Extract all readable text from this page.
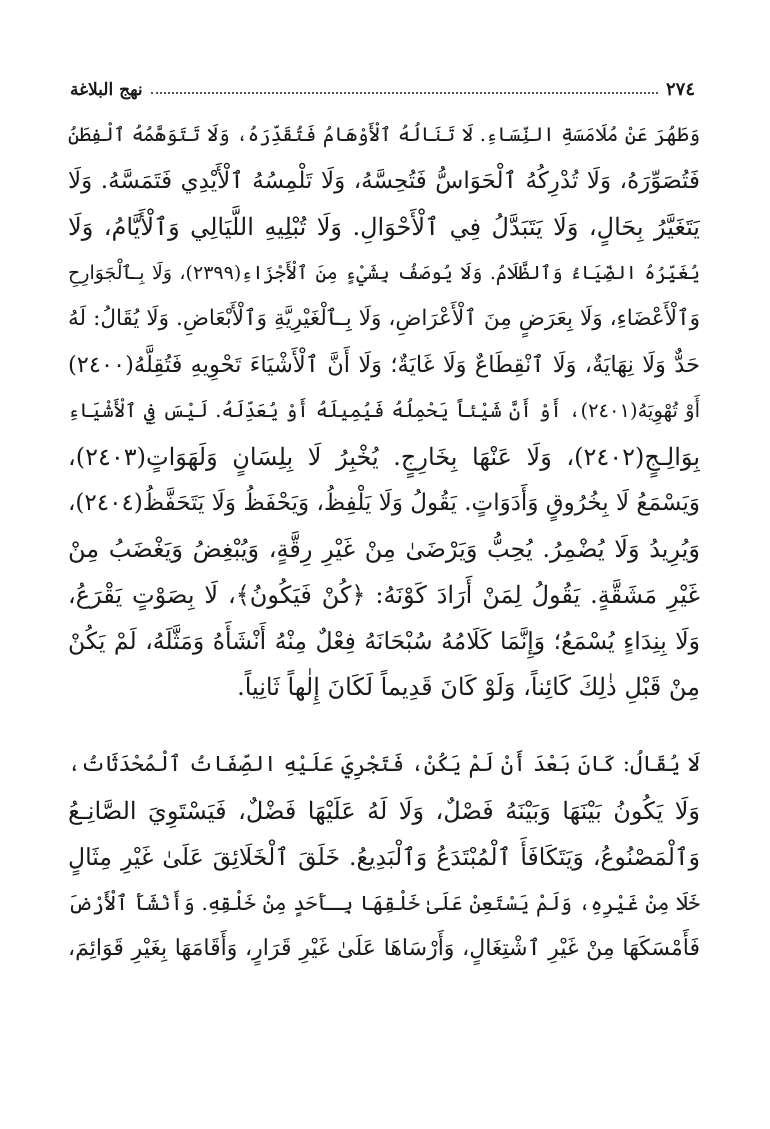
نهج البلاغة	٢٧٤
وَطَهُرَ عَنْ مُلَامَسَةِ النِّسَاءِ. لَا تَنَالُهُ ٱلْأَوْهَامُ فَتُقَدِّرَهُ، وَلَا تَتَوَهَّمُهُ ٱلْفِطَنُ
فَتُصَوِّرَهُ، وَلَا تُدْرِكُهُ ٱلْحَوَاسُّ فَتُحِسَّهُ، وَلَا تَلْمِسُهُ ٱلْأَيْدِي فَتَمَسَّهُ. وَلَا
يَتَغَيَّرُ بِحَالٍ، وَلَا يَتَبَدَّلُ فِي ٱلْأَحْوَالِ. وَلَا تُبْلِيهِ اللَّيَالِي وَٱلْأَيَّامُ، وَلَا
يُغَيِّرُهُ الضِّيَاءُ وَٱلظَّلَامُ. وَلَا يُوصَفُ بِشَيْءٍ مِنَ ٱلْأَجْزَاءِ(٢٣٩٩)، وَلَا بِـٱلْجَوَارِحِ
وَٱلْأَعْضَاءِ، وَلَا بِعَرَضٍ مِنَ ٱلْأَعْرَاضِ، وَلَا بِـٱلْغَيْرِيَّةِ وَٱلْأَبْعَاضِ. وَلَا يُقَالُ: لَهُ
حَدٌّ وَلَا نِهَايَةٌ، وَلَا ٱنْقِطَاعٌ وَلَا غَايَةٌ؛ وَلَا أَنَّ ٱلْأَشْيَاءَ تَحْوِيهِ فَتُقِلَّهُ(٢٤٠٠)
أَوْ تُهْوِيَهُ(٢٤٠١)، أَوْ أَنَّ شَيْئاً يَحْمِلُهُ فَيُمِيلَهُ أَوْ يُعَدِّلَهُ. لَيْسَ فِي ٱلْأَشْيَاءِ
بِوَالِـجٍ(٢٤٠٢)، وَلَا عَنْهَا بِخَارِجٍ. يُخْبِرُ لَا بِلِسَانٍ وَلَهَوَاتٍ(٢٤٠٣)،
وَيَسْمَعُ لَا بِخُرُوقٍ وَأَدَوَاتٍ. يَقُولُ وَلَا يَلْفِظُ، وَيَحْفَظُ وَلَا يَتَحَفَّظُ(٢٤٠٤)،
وَيُرِيدُ وَلَا يُضْمِرُ. يُحِبُّ وَيَرْضَىٰ مِنْ غَيْرِ رِقَّةٍ، وَيُبْغِضُ وَيَغْضَبُ مِنْ
غَيْرِ مَشَقَّةٍ. يَقُولُ لِمَنْ أَرَادَ كَوْنَهُ: ﴿كُنْ فَيَكُونُ﴾، لَا بِصَوْتٍ يَقْرَعُ،
وَلَا بِنِدَاءٍ يُسْمَعُ؛ وَإِنَّمَا كَلَامُهُ سُبْحَانَهُ فِعْلٌ مِنْهُ أَنْشَأَهُ وَمَثَّلَهُ، لَمْ يَكُنْ
مِنْ قَبْلِ ذٰلِكَ كَائِناً، وَلَوْ كَانَ قَدِيماً لَكَانَ إِلٰهاً ثَانِياً.
لَا يُقَالُ: كَانَ بَعْدَ أَنْ لَمْ يَكُنْ، فَتَجْرِيَ عَلَيْهِ الصِّفَاتُ ٱلْمُحْدَثَاتُ،
وَلَا يَكُونُ بَيْنَهَا وَبَيْنَهُ فَصْلٌ، وَلَا لَهُ عَلَيْهَا فَضْلٌ، فَيَسْتَوِيَ الصَّانِـعُ
وَٱلْمَصْنُوعُ، وَيَتَكَافَأَ ٱلْمُبْتَدَعُ وَٱلْبَدِيعُ. خَلَقَ ٱلْخَلَائِقَ عَلَىٰ غَيْرِ مِثَالٍ
خَلَا مِنْ غَيْرِهِ، وَلَمْ يَسْتَعِنْ عَلَىٰ خَلْقِهَا بِـأَحَدٍ مِنْ خَلْقِهِ. وَأَنْشَأَ ٱلْأَرْضَ
فَأَمْسَكَهَا مِنْ غَيْرِ ٱشْتِغَالٍ، وَأَرْسَاهَا عَلَىٰ غَيْرِ قَرَارٍ، وَأَقَامَهَا بِغَيْرِ قَوَائِمَ،
